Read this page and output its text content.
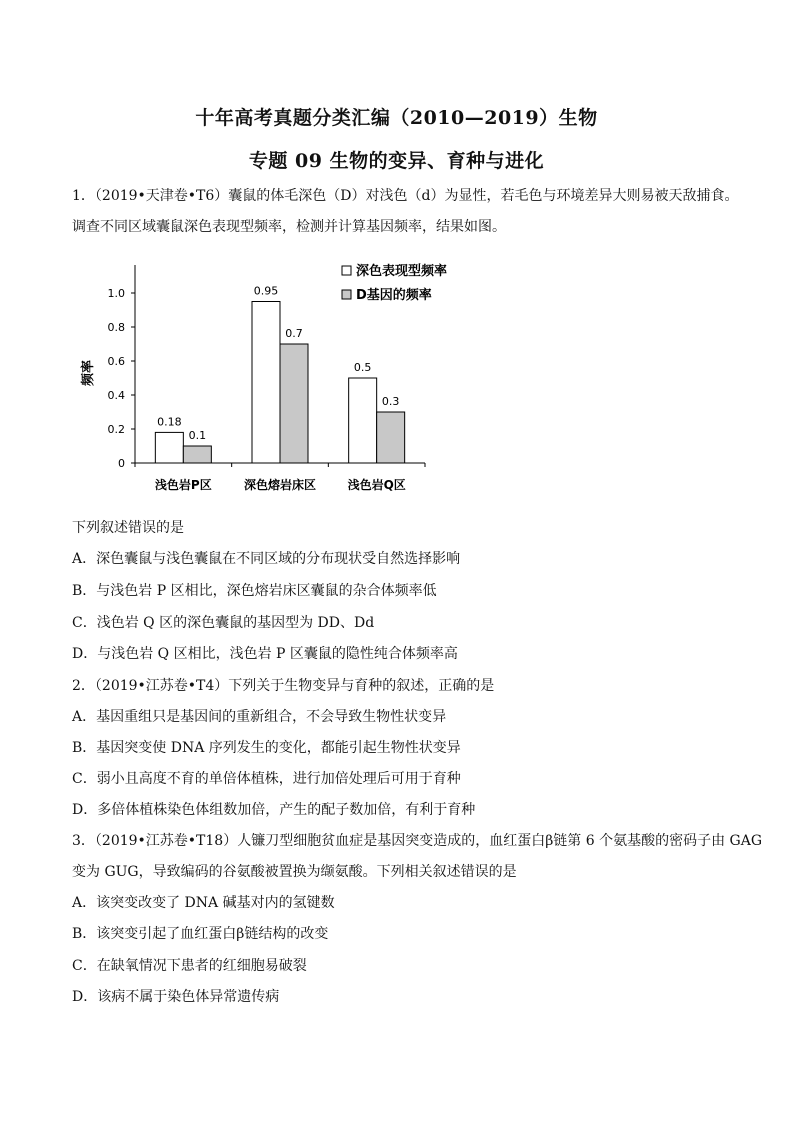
十年高考真题分类汇编（2010—2019）生物
专题 09 生物的变异、育种与进化
1．（2019•天津卷•T6）囊鼠的体毛深色（D）对浅色（d）为显性，若毛色与环境差异大则易被天敌捕食。
调查不同区域囊鼠深色表现型频率，检测并计算基因频率，结果如图。
0
0.2
0.4
0.6
0.8
1.0
频率
0.18
0.1
浅色岩P区
0.95
0.7
深色熔岩床区
0.5
0.3
浅色岩Q区
深色表现型频率
D基因的频率
下列叙述错误的是
A．深色囊鼠与浅色囊鼠在不同区域的分布现状受自然选择影响
B．与浅色岩 P 区相比，深色熔岩床区囊鼠的杂合体频率低
C．浅色岩 Q 区的深色囊鼠的基因型为 DD、Dd
D．与浅色岩 Q 区相比，浅色岩 P 区囊鼠的隐性纯合体频率高
2．（2019•江苏卷•T4）下列关于生物变异与育种的叙述，正确的是
A．基因重组只是基因间的重新组合，不会导致生物性状变异
B．基因突变使 DNA 序列发生的变化，都能引起生物性状变异
C．弱小且高度不育的单倍体植株，进行加倍处理后可用于育种
D．多倍体植株染色体组数加倍，产生的配子数加倍，有利于育种
3．（2019•江苏卷•T18）人镰刀型细胞贫血症是基因突变造成的，血红蛋白β链第 6 个氨基酸的密码子由 GAG
变为 GUG，导致编码的谷氨酸被置换为缬氨酸。下列相关叙述错误的是
A．该突变改变了 DNA 碱基对内的氢键数
B．该突变引起了血红蛋白β链结构的改变
C．在缺氧情况下患者的红细胞易破裂
D．该病不属于染色体异常遗传病
